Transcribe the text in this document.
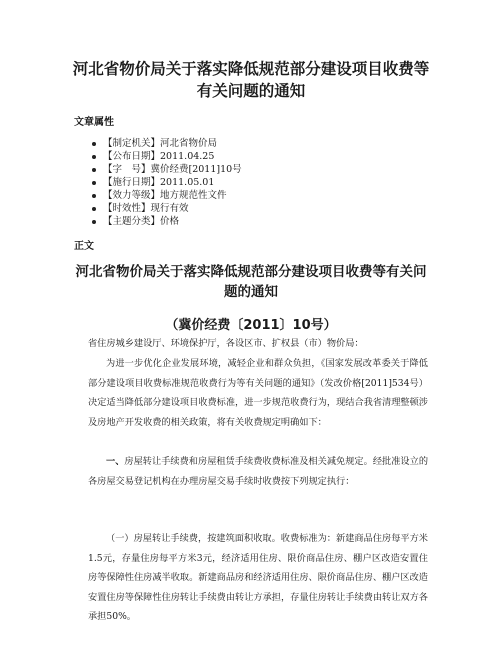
河北省物价局关于落实降低规范部分建设项目收费等
有关问题的通知
文章属性
【制定机关】河北省物价局
【公布日期】2011.04.25
【字　号】冀价经费[2011]10号
【施行日期】2011.05.01
【效力等级】地方规范性文件
【时效性】现行有效
【主题分类】价格
正文
河北省物价局关于落实降低规范部分建设项目收费等有关问
题的通知
（冀价经费〔2011〕10号）

省住房城乡建设厅、环境保护厅，各设区市、扩权县（市）物价局：

为进一步优化企业发展环境，减轻企业和群众负担，《国家发展改革委关于降低部分建设项目收费标准规范收费行为等有关问题的通知》（发改价格[2011]534号）决定适当降低部分建设项目收费标准，进一步规范收费行为，现结合我省清理整顿涉及房地产开发收费的相关政策，将有关收费规定明确如下：

一、房屋转让手续费和房屋租赁手续费收费标准及相关减免规定。经批准设立的各房屋交易登记机构在办理房屋交易手续时收费按下列规定执行：

（一）房屋转让手续费，按建筑面积收取。收费标准为：新建商品住房每平方米1.5元，存量住房每平方米3元，经济适用住房、限价商品住房、棚户区改造安置住房等保障性住房减半收取。新建商品房和经济适用住房、限价商品住房、棚户区改造安置住房等保障性住房转让手续费由转让方承担，存量住房转让手续费由转让双方各承担50%。
